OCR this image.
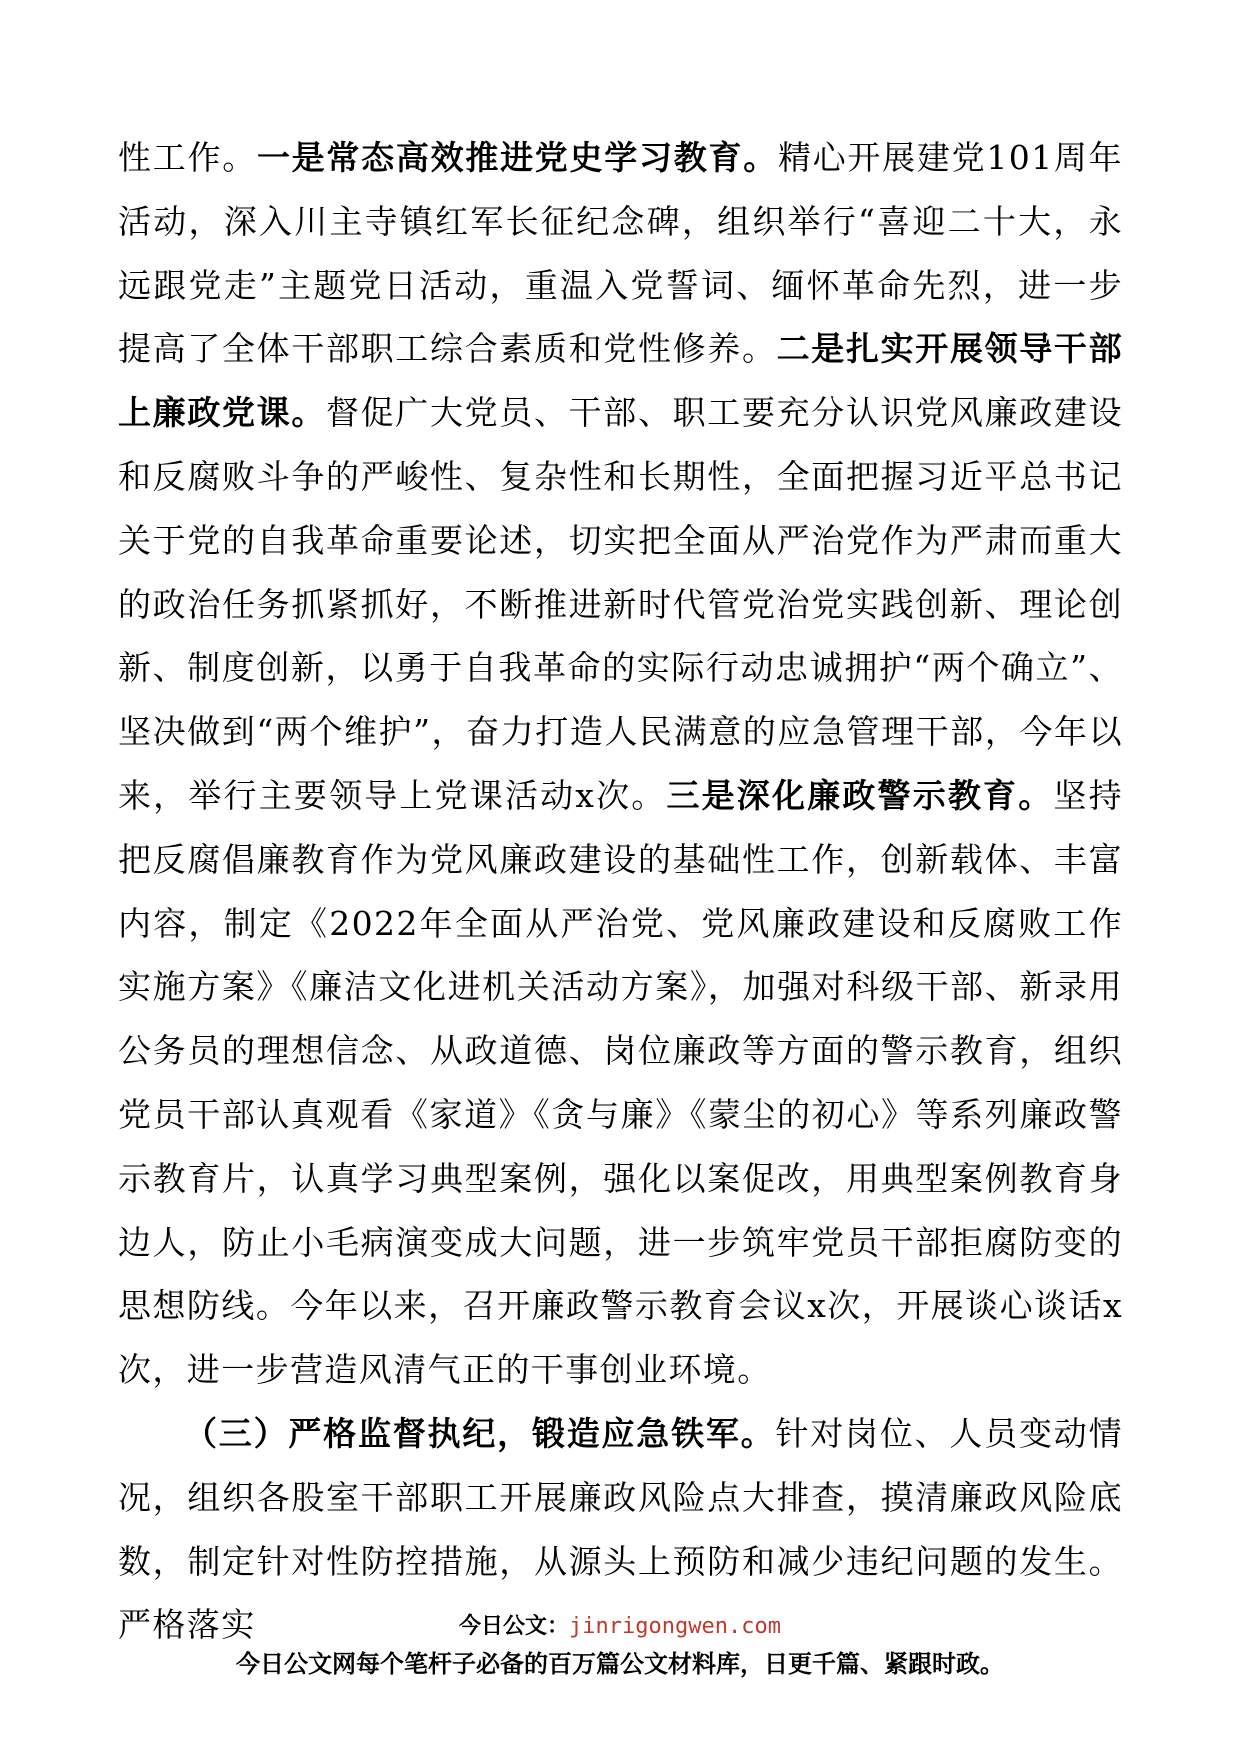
性工作。一是常态高效推进党史学习教育。精心开展建党101周年活动，深入川主寺镇红军长征纪念碑，组织举行“喜迎二十大，永远跟党走”主题党日活动，重温入党誓词、缅怀革命先烈，进一步提高了全体干部职工综合素质和党性修养。二是扎实开展领导干部上廉政党课。督促广大党员、干部、职工要充分认识党风廉政建设和反腐败斗争的严峻性、复杂性和长期性，全面把握习近平总书记关于党的自我革命重要论述，切实把全面从严治党作为严肃而重大的政治任务抓紧抓好，不断推进新时代管党治党实践创新、理论创新、制度创新，以勇于自我革命的实际行动忠诚拥护“两个确立”、坚决做到“两个维护”，奋力打造人民满意的应急管理干部，今年以来，举行主要领导上党课活动x次。三是深化廉政警示教育。坚持把反腐倡廉教育作为党风廉政建设的基础性工作，创新载体、丰富内容，制定《2022年全面从严治党、党风廉政建设和反腐败工作实施方案》《廉洁文化进机关活动方案》，加强对科级干部、新录用公务员的理想信念、从政道德、岗位廉政等方面的警示教育，组织党员干部认真观看《家道》《贪与廉》《蒙尘的初心》等系列廉政警示教育片，认真学习典型案例，强化以案促改，用典型案例教育身边人，防止小毛病演变成大问题，进一步筑牢党员干部拒腐防变的思想防线。今年以来，召开廉政警示教育会议x次，开展谈心谈话x次，进一步营造风清气正的干事创业环境。

（三）严格监督执纪，锻造应急铁军。针对岗位、人员变动情况，组织各股室干部职工开展廉政风险点大排查，摸清廉政风险底数，制定针对性防控措施，从源头上预防和减少违纪问题的发生。严格落实	今日公文：jinrigongwen.com
今日公文网每个笔杆子必备的百万篇公文材料库，日更千篇、紧跟时政。
